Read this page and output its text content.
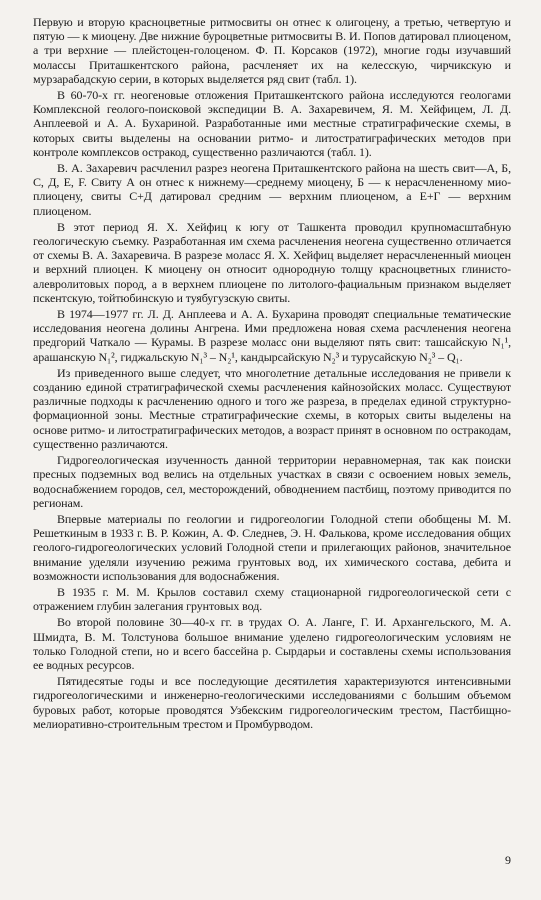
Первую и вторую красноцветные ритмосвиты он отнес к олигоцену, а третью, четвертую и пятую — к миоцену. Две нижние буроцветные ритмосвиты В. И. Попов датировал плиоценом, а три верхние — плейстоцен-голоценом. Ф. П. Корсаков (1972), многие годы изучавший молассы Приташкентского района, расчленяет их на келесскую, чирчикскую и мурзарабадскую серии, в которых выделяется ряд свит (табл. 1).

В 60-70-х гг. неогеновые отложения Приташкентского района исследуются геологами Комплексной геолого-поисковой экспедиции В. А. Захаревичем, Я. М. Хейфицем, Л. Д. Анплеевой и А. А. Бухариной. Разработанные ими местные стратиграфические схемы, в которых свиты выделены на основании ритмо- и литостратиграфических методов при контроле комплексов остракод, существенно различаются (табл. 1).

В. А. Захаревич расчленил разрез неогена Приташкентского района на шесть свит—А, Б, С, Д, Е, F. Свиту А он отнес к нижнему—среднему миоцену, Б — к нерасчлененному мио-плиоцену, свиты С+Д датировал средним — верхним плиоценом, а Е+Г — верхним плиоценом.

В этот период Я. Х. Хейфиц к югу от Ташкента проводил крупномасштабную геологическую съемку. Разработанная им схема расчленения неогена существенно отличается от схемы В. А. Захаревича. В разрезе моласс Я. Х. Хейфиц выделяет нерасчлененный миоцен и верхний плиоцен. К миоцену он относит однородную толщу красноцветных глинисто-алевролитовых пород, а в верхнем плиоцене по литолого-фациальным признаком выделяет пскентскую, тойтюбинскую и туябугузскую свиты.

В 1974—1977 гг. Л. Д. Анплеева и А. А. Бухарина проводят специальные тематические исследования неогена долины Ангрена. Ими предложена новая схема расчленения неогена предгорий Чаткало — Курамы. В разрезе моласс они выделяют пять свит: ташсайскую N₁¹, арашанскую N₁², гиджальскую N₁³ – N₂¹, кандырсайскую N₂³ и турусайскую N₂³ – Q₁.

Из приведенного выше следует, что многолетние детальные исследования не привели к созданию единой стратиграфической схемы расчленения кайнозойских моласс. Существуют различные подходы к расчленению одного и того же разреза, в пределах единой структурно-формационной зоны. Местные стратиграфические схемы, в которых свиты выделены на основе ритмо- и литостратиграфических методов, а возраст принят в основном по остракодам, существенно различаются.

Гидрогеологическая изученность данной территории неравномерная, так как поиски пресных подземных вод велись на отдельных участках в связи с освоением новых земель, водоснабжением городов, сел, месторождений, обводнением пастбищ, поэтому приводится по регионам.

Впервые материалы по геологии и гидрогеологии Голодной степи обобщены М. М. Решеткиным в 1933 г. В. Р. Кожин, А. Ф. Следнев, Э. Н. Фалькова, кроме исследования общих геолого-гидрогеологических условий Голодной степи и прилегающих районов, значительное внимание уделяли изучению режима грунтовых вод, их химического состава, дебита и возможности использования для водоснабжения.

В 1935 г. М. М. Крылов составил схему стационарной гидрогеологической сети с отражением глубин залегания грунтовых вод.

Во второй половине 30—40-х гг. в трудах О. А. Ланге, Г. И. Архангельского, М. А. Шмидта, В. М. Толстунова большое внимание уделено гидрогеологическим условиям не только Голодной степи, но и всего бассейна р. Сырдарьи и составлены схемы использования ее водных ресурсов.

Пятидесятые годы и все последующие десятилетия характеризуются интенсивными гидрогеологическими и инженерно-геологическими исследованиями с большим объемом буровых работ, которые проводятся Узбекским гидрогеологическим трестом, Пастбищно-мелиоративно-строительным трестом и Промбурводом.

9
